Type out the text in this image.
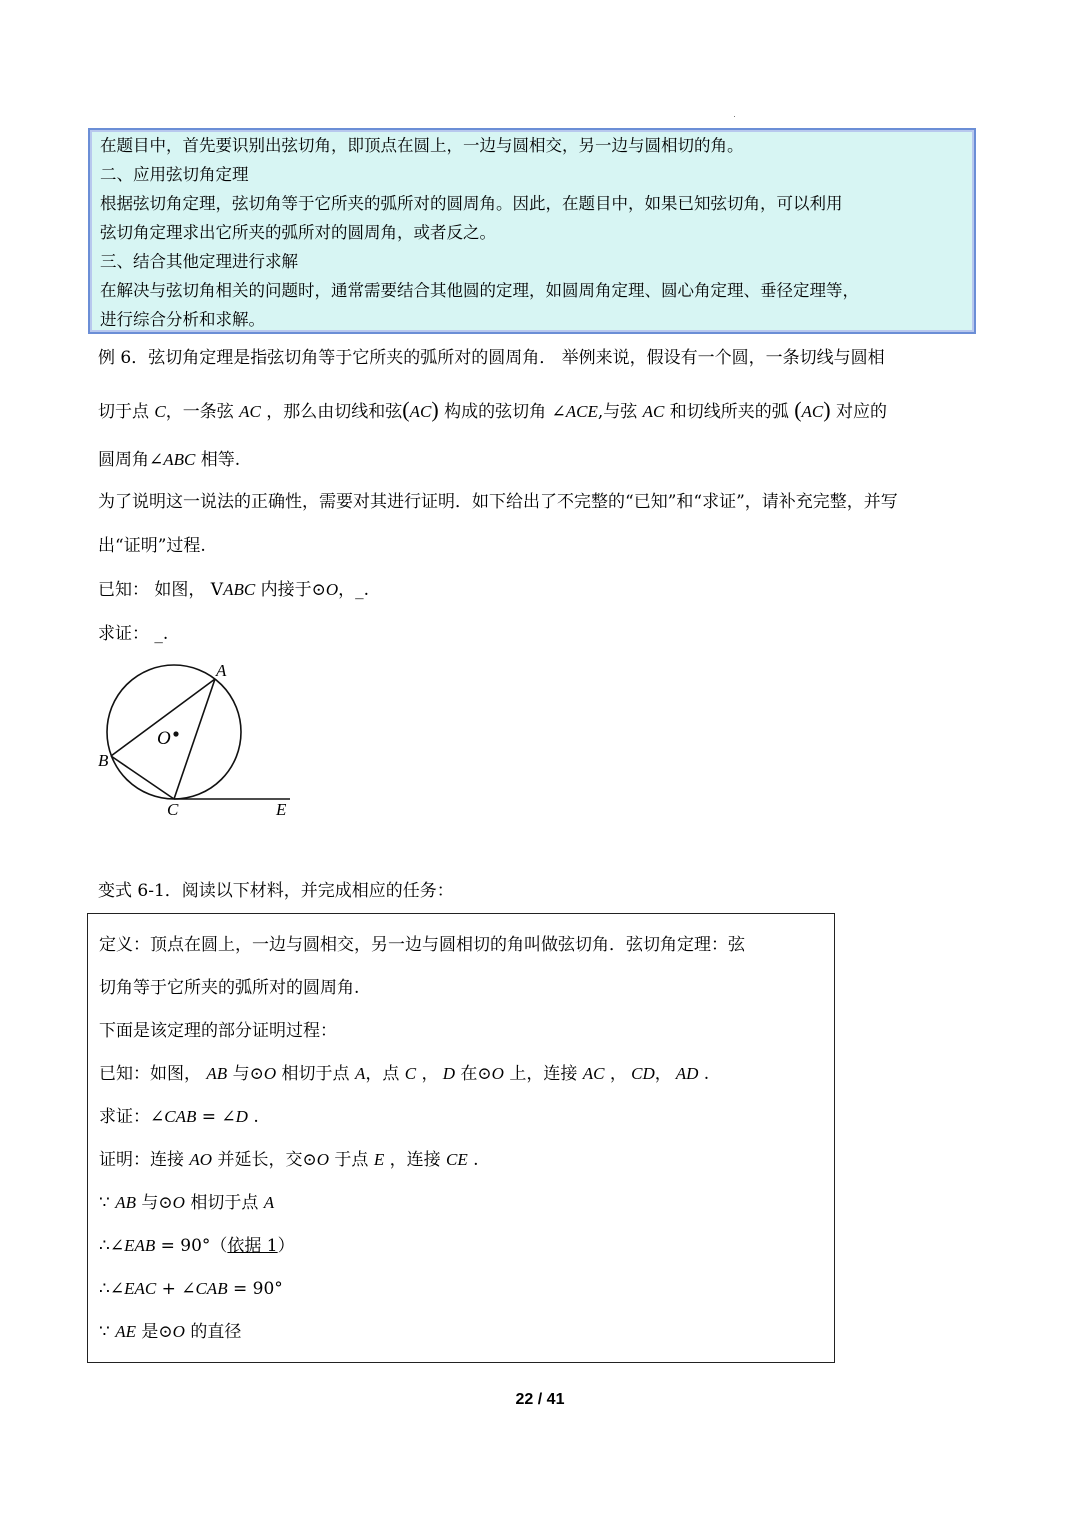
在题目中，首先要识别出弦切角，即顶点在圆上，一边与圆相交，另一边与圆相切的角。
二、应用弦切角定理
根据弦切角定理，弦切角等于它所夹的弧所对的圆周角。因此，在题目中，如果已知弦切角，可以利用
弦切角定理求出它所夹的弧所对的圆周角，或者反之。
三、结合其他定理进行求解
在解决与弦切角相关的问题时，通常需要结合其他圆的定理，如圆周角定理、圆心角定理、垂径定理等，
进行综合分析和求解。
例 6．弦切角定理是指弦切角等于它所夹的弧所对的圆周角． 举例来说，假设有一个圆，一条切线与圆相
切于点 C，一条弦 AC ，那么由切线和弦(AC) 构成的弦切角 ∠ACE,与弦 AC 和切线所夹的弧 (AC) 对应的
圆周角∠ABC 相等.
为了说明这一说法的正确性，需要对其进行证明．如下给出了不完整的“已知”和“求证”，请补充完整，并写
出“证明”过程.
已知： 如图， VABC 内接于⊙O，_.
求证： _.
A
O
B
C	E
变式 6-1．阅读以下材料，并完成相应的任务：
定义：顶点在圆上，一边与圆相交，另一边与圆相切的角叫做弦切角．弦切角定理：弦
切角等于它所夹的弧所对的圆周角.
下面是该定理的部分证明过程：
已知：如图， AB 与⊙O 相切于点 A，点 C ， D 在⊙O 上，连接 AC ， CD， AD .
求证：∠CAB = ∠D .
证明：连接 AO 并延长，交⊙O 于点 E ，连接 CE .
∵ AB 与⊙O 相切于点 A
∴∠EAB = 90°（依据 1）
∴∠EAC + ∠CAB = 90°
∵ AE 是⊙O 的直径
22 / 41
